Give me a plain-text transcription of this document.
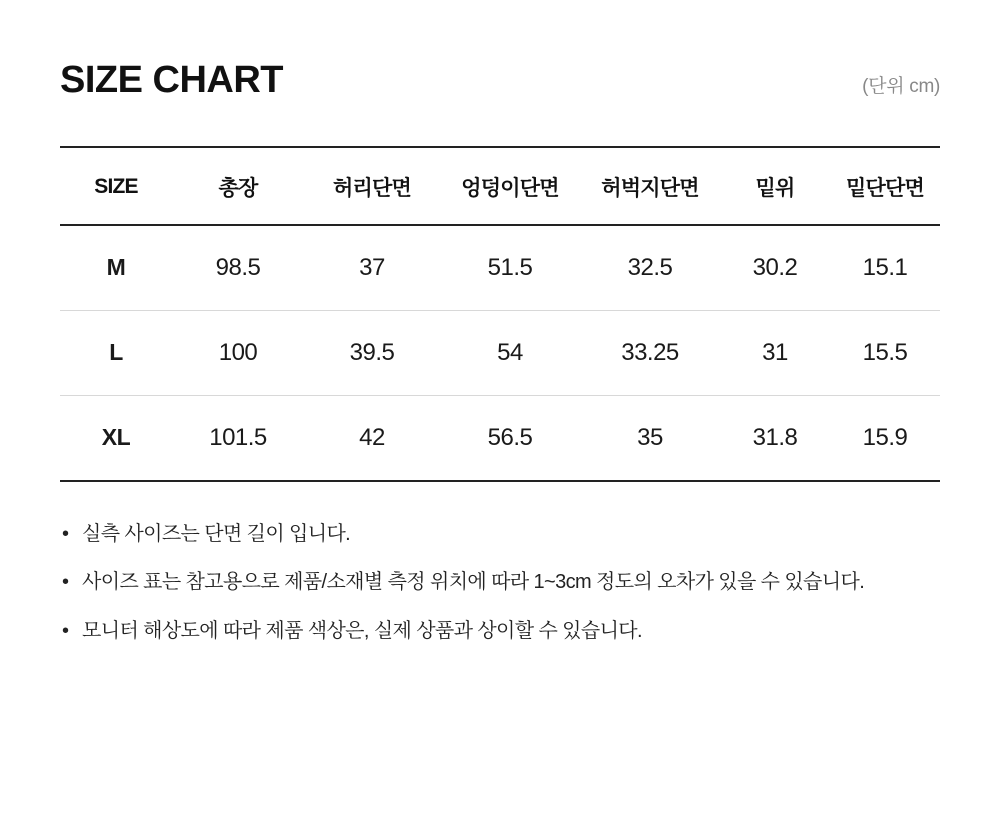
SIZE CHART	(단위 cm)
SIZE	총장	허리단면	엉덩이단면	허벅지단면	밑위	밑단단면
M	98.5	37	51.5	32.5	30.2	15.1
L	100	39.5	54	33.25	31	15.5
XL	101.5	42	56.5	35	31.8	15.9
• 실측 사이즈는 단면 길이 입니다.
• 사이즈 표는 참고용으로 제품/소재별 측정 위치에 따라 1~3cm 정도의 오차가 있을 수 있습니다.
• 모니터 해상도에 따라 제품 색상은, 실제 상품과 상이할 수 있습니다.
